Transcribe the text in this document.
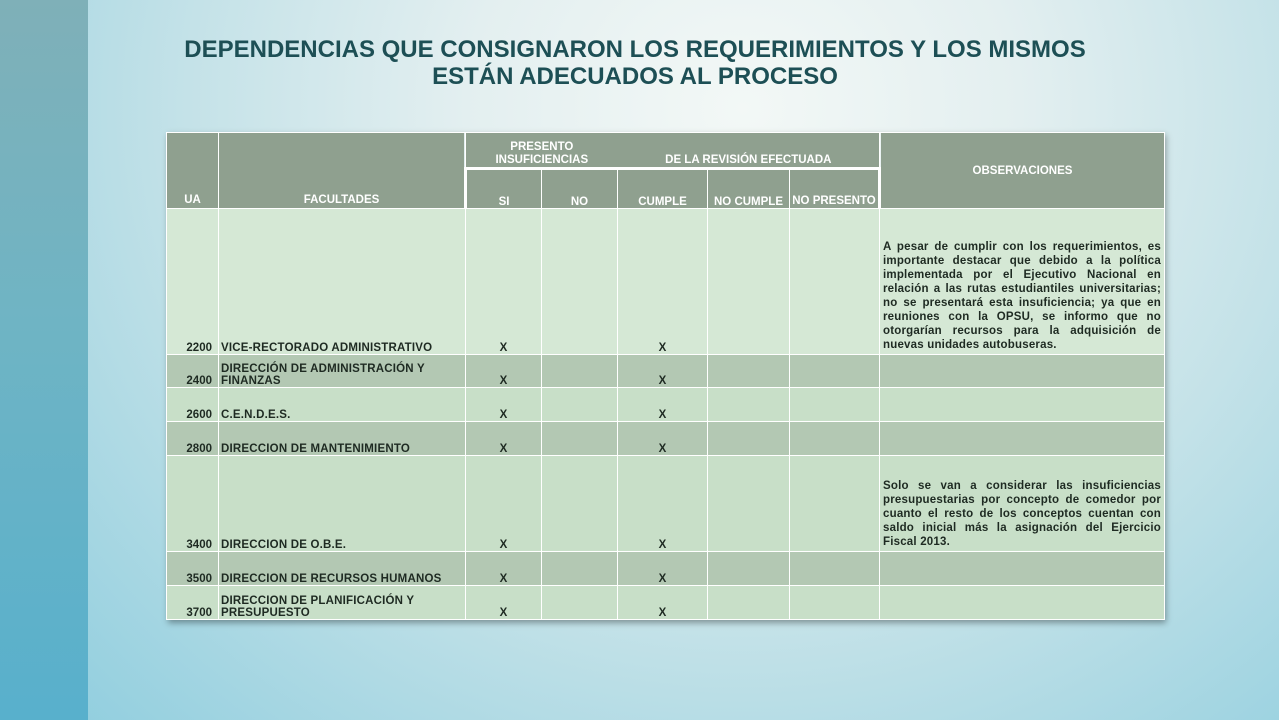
DEPENDENCIAS QUE CONSIGNARON LOS REQUERIMIENTOS Y LOS MISMOS ESTÁN ADECUADOS AL PROCESO
UA	FACULTADES	PRESENTO INSUFICIENCIAS DE LA REVISIÓN EFECTUADA					OBSERVACIONES
		SI	NO	CUMPLE	NO CUMPLE	NO PRESENTO	
2200	VICE-RECTORADO ADMINISTRATIVO	X		X			A pesar de cumplir con los requerimientos, es importante destacar que debido a la política implementada por el Ejecutivo Nacional en relación a las rutas estudiantiles universitarias; no se presentará esta insuficiencia; ya que en reuniones con la OPSU, se informo que no otorgarían recursos para la adquisición de nuevas unidades autobuseras.
2400	DIRECCIÓN DE ADMINISTRACIÓN Y FINANZAS	X		X			
2600	C.E.N.D.E.S.	X		X			
2800	DIRECCION DE MANTENIMIENTO	X		X			
3400	DIRECCION DE O.B.E.	X		X			Solo se van a considerar las insuficiencias presupuestarias por concepto de comedor por cuanto el resto de los conceptos cuentan con saldo inicial más la asignación del Ejercicio Fiscal 2013.
3500	DIRECCION DE RECURSOS HUMANOS	X		X			
3700	DIRECCION DE PLANIFICACIÓN Y PRESUPUESTO	X		X			
